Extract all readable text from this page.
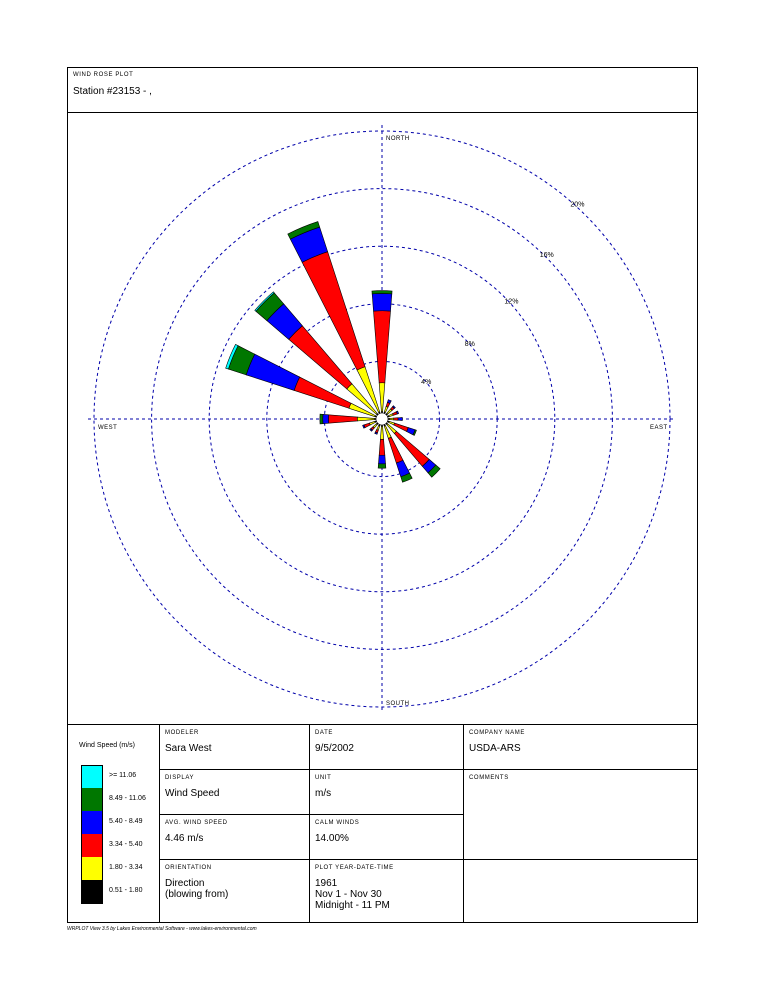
WIND ROSE PLOT
Station #23153 - ,
4%
8%
12%
16%
20%
NORTH
EAST
SOUTH
WEST
Wind Speed (m/s)
>= 11.06
8.49 - 11.06
5.40 - 8.49
3.34 - 5.40
1.80 - 3.34
0.51 - 1.80
MODELER
Sara West
DATE
9/5/2002
COMPANY NAME
USDA-ARS
DISPLAY
Wind Speed
UNIT
m/s
COMMENTS
AVG. WIND SPEED
4.46 m/s
CALM WINDS
14.00%
ORIENTATION
Direction
(blowing from)
PLOT YEAR-DATE-TIME
1961
Nov 1 - Nov 30
Midnight - 11 PM
WRPLOT View 3.5 by Lakes Environmental Software - www.lakes-environmental.com
